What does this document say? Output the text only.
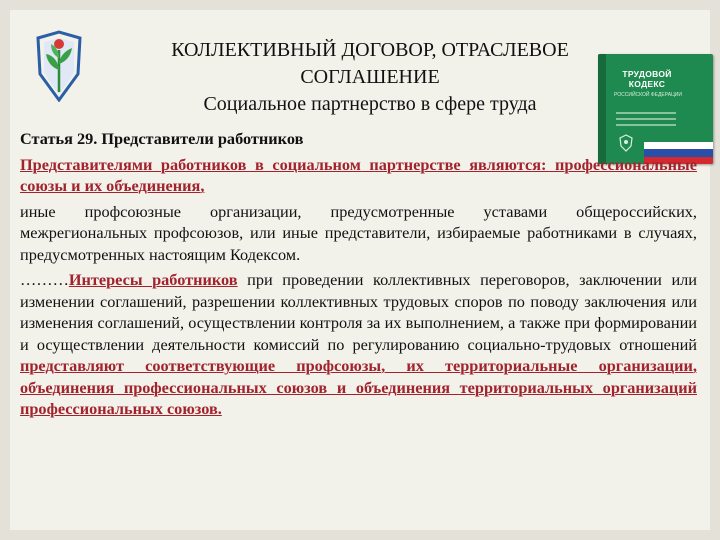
КОЛЛЕКТИВНЫЙ ДОГОВОР, ОТРАСЛЕВОЕ
СОГЛАШЕНИЕ
Социальное партнерство в сфере труда
ТРУДОВОЙ КОДЕКС
РОССИЙСКОЙ ФЕДЕРАЦИИ
Статья 29. Представители работников

Представителями работников в социальном партнерстве являются: профессиональные союзы и их объединения,

иные профсоюзные организации, предусмотренные уставами общероссийских, межрегиональных профсоюзов, или иные представители, избираемые работниками в случаях, предусмотренных настоящим Кодексом.

………Интересы работников при проведении коллективных переговоров, заключении или изменении соглашений, разрешении коллективных трудовых споров по поводу заключения или изменения соглашений, осуществлении контроля за их выполнением, а также при формировании и осуществлении деятельности комиссий по регулированию социально-трудовых отношений представляют соответствующие профсоюзы, их территориальные организации, объединения профессиональных союзов и объединения территориальных организаций профессиональных союзов.
